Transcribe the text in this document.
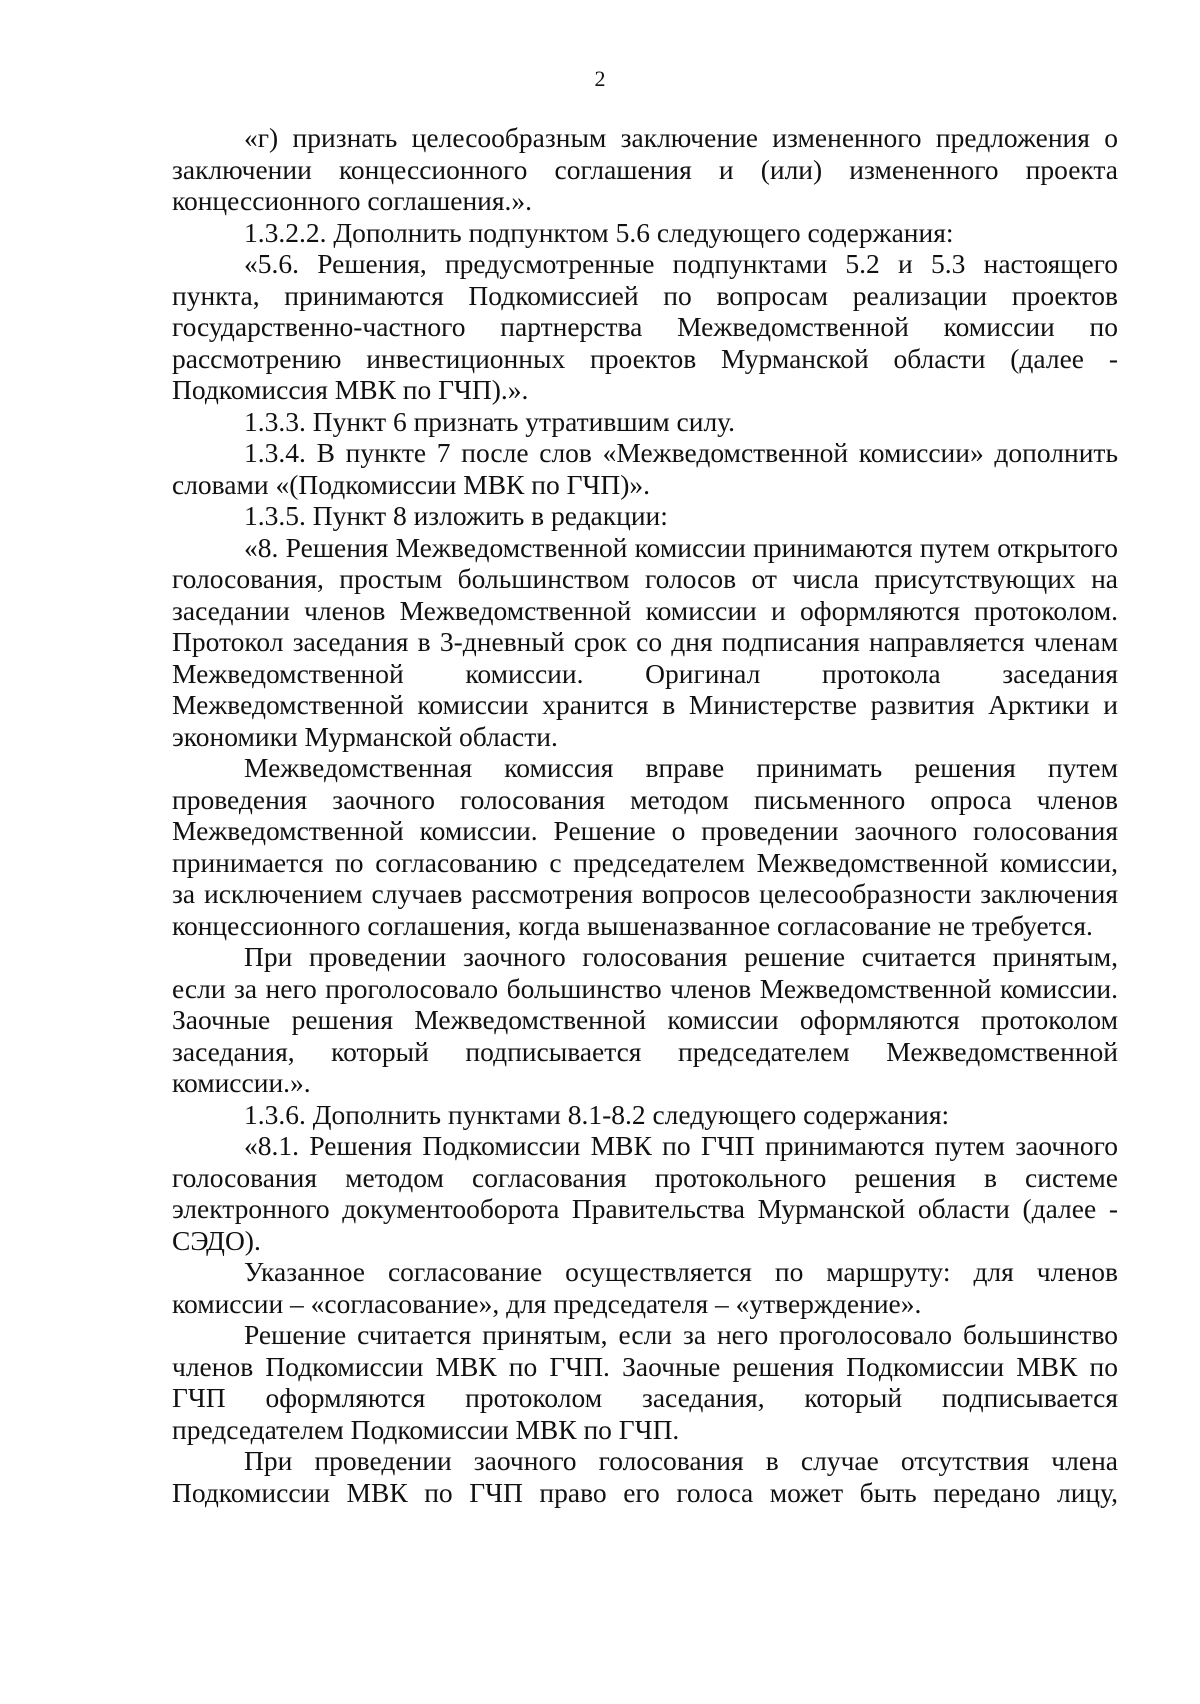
2

«г) признать целесообразным заключение измененного предложения о заключении концессионного соглашения и (или) измененного проекта концессионного соглашения.».

1.3.2.2. Дополнить подпунктом 5.6 следующего содержания:

«5.6. Решения, предусмотренные подпунктами 5.2 и 5.3 настоящего пункта, принимаются Подкомиссией по вопросам реализации проектов государственно-частного партнерства Межведомственной комиссии по рассмотрению инвестиционных проектов Мурманской области (далее - Подкомиссия МВК по ГЧП).».

1.3.3. Пункт 6 признать утратившим силу.

1.3.4. В пункте 7 после слов «Межведомственной комиссии» дополнить словами «(Подкомиссии МВК по ГЧП)».

1.3.5. Пункт 8 изложить в редакции:

«8. Решения Межведомственной комиссии принимаются путем открытого голосования, простым большинством голосов от числа присутствующих на заседании членов Межведомственной комиссии и оформляются протоколом. Протокол заседания в 3-дневный срок со дня подписания направляется членам Межведомственной комиссии. Оригинал протокола заседания Межведомственной комиссии хранится в Министерстве развития Арктики и экономики Мурманской области.

Межведомственная комиссия вправе принимать решения путем проведения заочного голосования методом письменного опроса членов Межведомственной комиссии. Решение о проведении заочного голосования принимается по согласованию с председателем Межведомственной комиссии, за исключением случаев рассмотрения вопросов целесообразности заключения концессионного соглашения, когда вышеназванное согласование не требуется.

При проведении заочного голосования решение считается принятым, если за него проголосовало большинство членов Межведомственной комиссии. Заочные решения Межведомственной комиссии оформляются протоколом заседания, который подписывается председателем Межведомственной комиссии.».

1.3.6. Дополнить пунктами 8.1-8.2 следующего содержания:

«8.1. Решения Подкомиссии МВК по ГЧП принимаются путем заочного голосования методом согласования протокольного решения в системе электронного документооборота Правительства Мурманской области (далее - СЭДО).

Указанное согласование осуществляется по маршруту: для членов комиссии – «согласование», для председателя – «утверждение».

Решение считается принятым, если за него проголосовало большинство членов Подкомиссии МВК по ГЧП. Заочные решения Подкомиссии МВК по ГЧП оформляются протоколом заседания, который подписывается председателем Подкомиссии МВК по ГЧП.

При проведении заочного голосования в случае отсутствия члена Подкомиссии МВК по ГЧП право его голоса может быть передано лицу,
